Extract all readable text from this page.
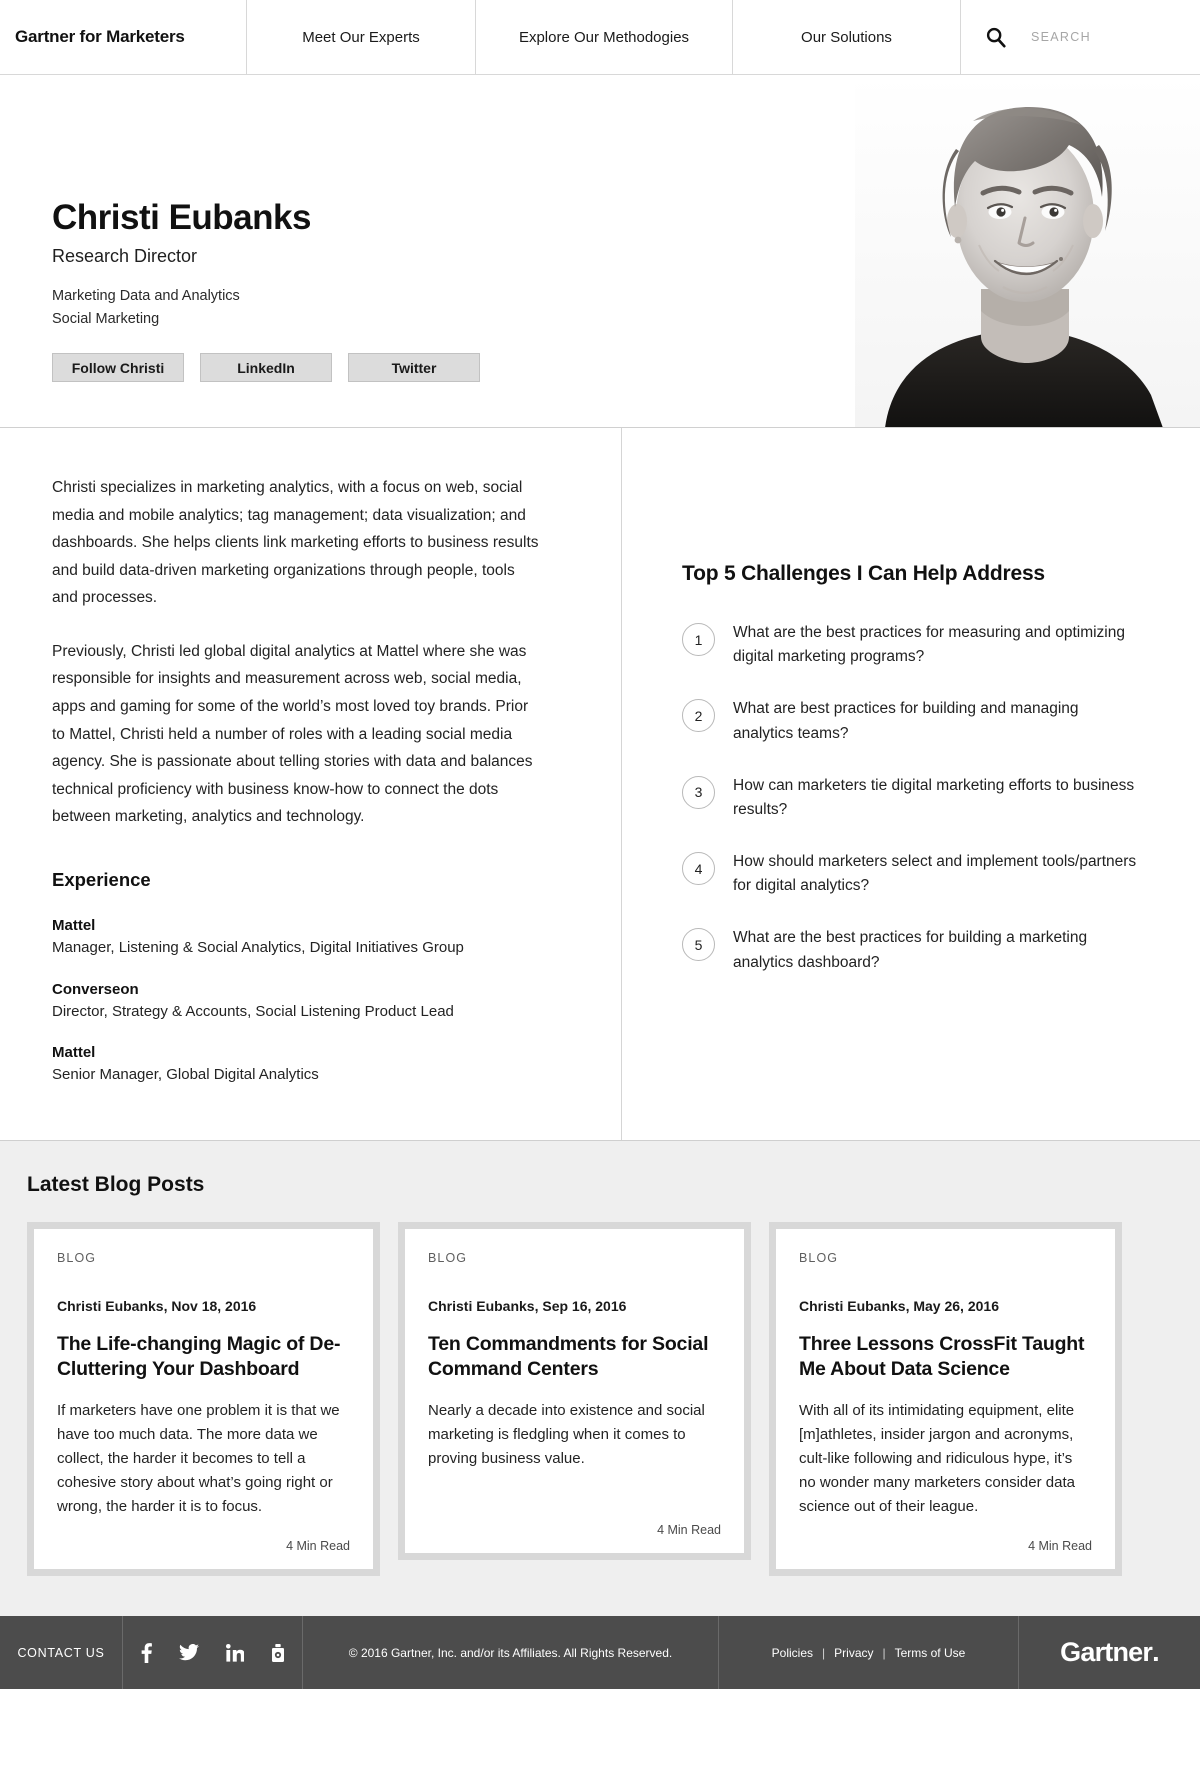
Gartner for Marketers	Meet Our Experts	Explore Our Methodogies	Our Solutions	SEARCH
Christi Eubanks
Research Director
Marketing Data and Analytics
Social Marketing
Follow Christi	LinkedIn	Twitter

Christi specializes in marketing analytics, with a focus on web, social media and mobile analytics; tag management; data visualization; and dashboards. She helps clients link marketing efforts to business results and build data-driven marketing organizations through people, tools and processes.

Previously, Christi led global digital analytics at Mattel where she was responsible for insights and measurement across web, social media, apps and gaming for some of the world’s most loved toy brands. Prior to Mattel, Christi held a number of roles with a leading social media agency. She is passionate about telling stories with data and balances technical proficiency with business know-how to connect the dots between marketing, analytics and technology.

Experience
Mattel
Manager, Listening & Social Analytics, Digital Initiatives Group
Converseon
Director, Strategy & Accounts, Social Listening Product Lead
Mattel
Senior Manager, Global Digital Analytics
Top 5 Challenges I Can Help Address
1	What are the best practices for measuring and optimizing digital marketing programs?
2	What are best practices for building and managing analytics teams?
3	How can marketers tie digital marketing efforts to business results?
4	How should marketers select and implement tools/partners for digital analytics?
5	What are the best practices for building a marketing analytics dashboard?
Latest Blog Posts
BLOG
Christi Eubanks, Nov 18, 2016
The Life-changing Magic of De-Cluttering Your Dashboard
If marketers have one problem it is that we have too much data. The more data we collect, the harder it becomes to tell a cohesive story about what’s going right or wrong, the harder it is to focus.
4 Min Read
BLOG
Christi Eubanks, Sep 16, 2016
Ten Commandments for Social Command Centers
Nearly a decade into existence and social marketing is fledgling when it comes to proving business value.
4 Min Read
BLOG
Christi Eubanks, May 26, 2016
Three Lessons CrossFit Taught Me About Data Science
With all of its intimidating equipment, elite [m]athletes, insider jargon and acronyms, cult-like following and ridiculous hype, it’s no wonder many marketers consider data science out of their league.
4 Min Read
CONTACT US	© 2016 Gartner, Inc. and/or its Affiliates. All Rights Reserved.	Policies | Privacy | Terms of Use	Gartner .
